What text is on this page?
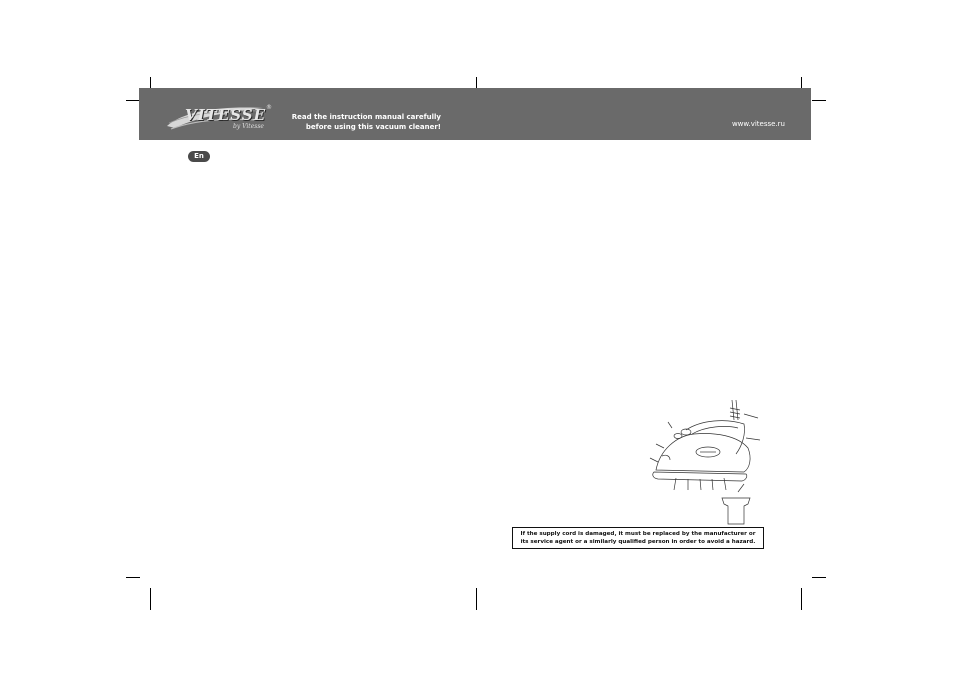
VITESSE ®
by Vitesse
Read the instruction manual carefully
before using this vacuum cleaner!	www.vitesse.ru
En
If the supply cord is damaged, it must be replaced by the manufacturer or
its service agent or a similarly qualified person in order to avoid a hazard.
